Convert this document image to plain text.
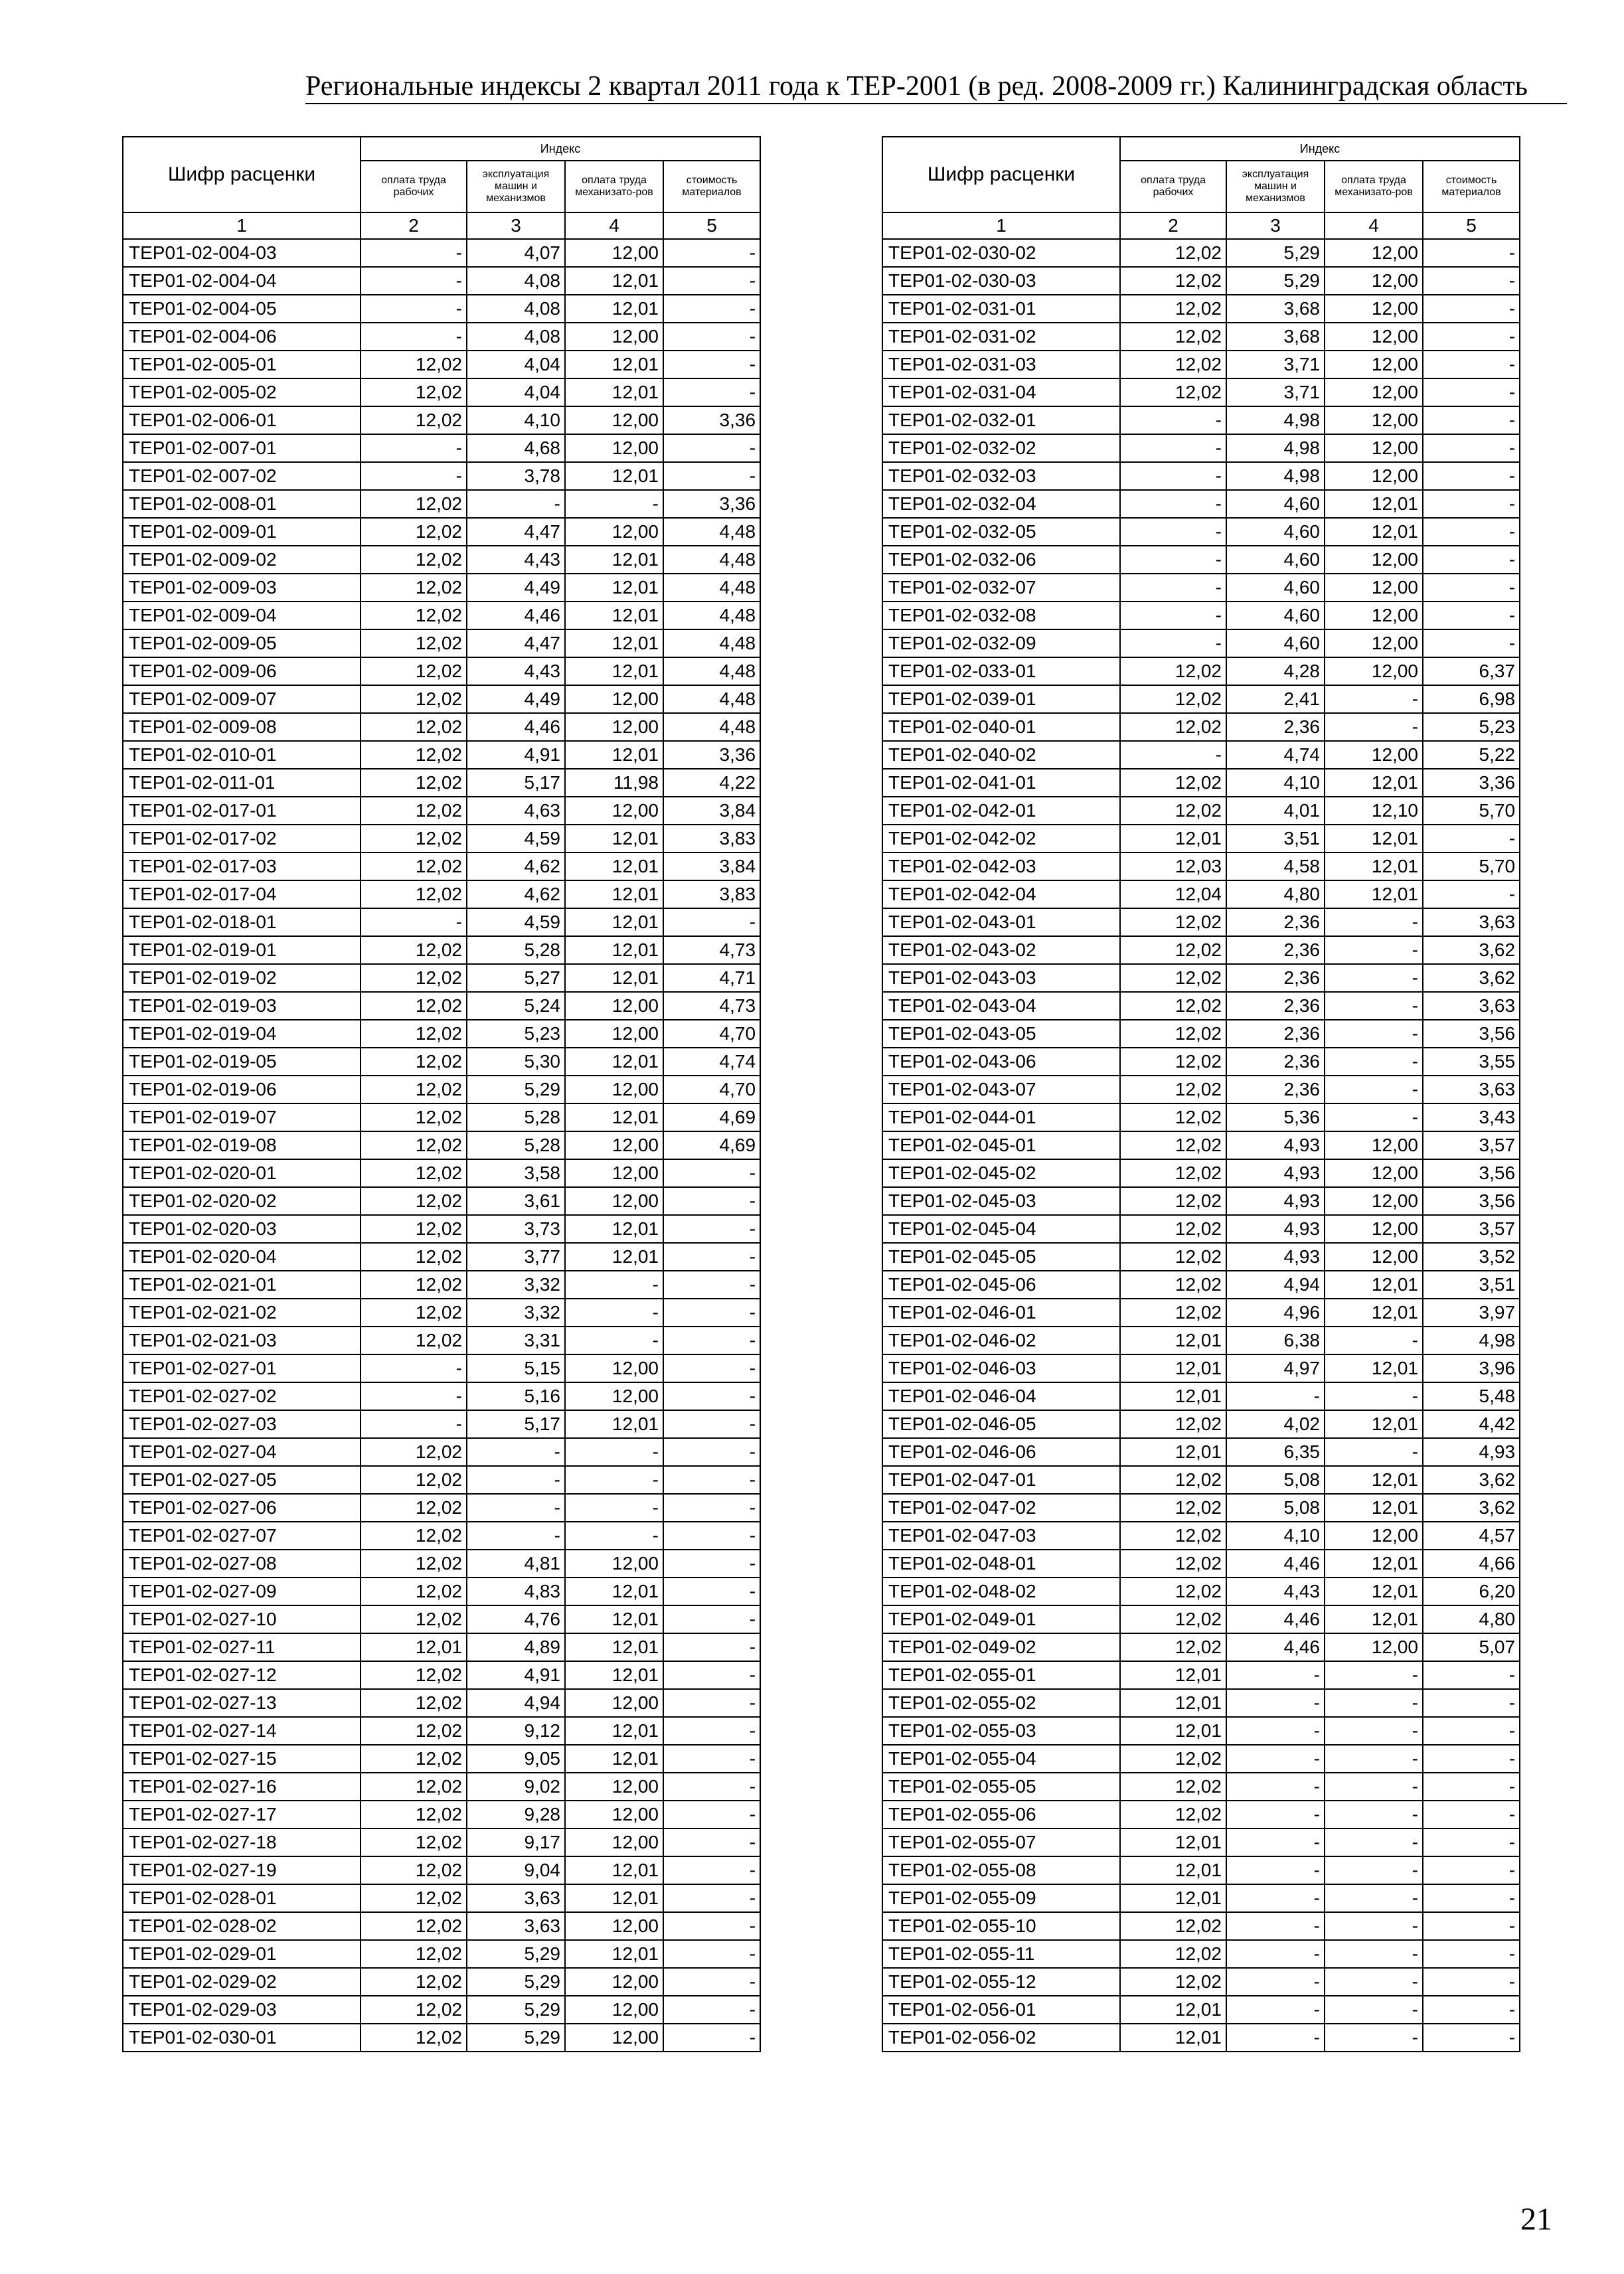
Региональные индексы 2 квартал 2011 года к ТЕР-2001 (в ред. 2008-2009 гг.) Калининградская область
Шифр расценки	Индекс			
	оплата труда рабочих	эксплуатация машин и механизмов	оплата труда механизато-ров	стоимость материалов
1	2	3	4	5
ТЕР01-02-004-03	-	4,07	12,00	-
ТЕР01-02-004-04	-	4,08	12,01	-
ТЕР01-02-004-05	-	4,08	12,01	-
ТЕР01-02-004-06	-	4,08	12,00	-
ТЕР01-02-005-01	12,02	4,04	12,01	-
ТЕР01-02-005-02	12,02	4,04	12,01	-
ТЕР01-02-006-01	12,02	4,10	12,00	3,36
ТЕР01-02-007-01	-	4,68	12,00	-
ТЕР01-02-007-02	-	3,78	12,01	-
ТЕР01-02-008-01	12,02	-	-	3,36
ТЕР01-02-009-01	12,02	4,47	12,00	4,48
ТЕР01-02-009-02	12,02	4,43	12,01	4,48
ТЕР01-02-009-03	12,02	4,49	12,01	4,48
ТЕР01-02-009-04	12,02	4,46	12,01	4,48
ТЕР01-02-009-05	12,02	4,47	12,01	4,48
ТЕР01-02-009-06	12,02	4,43	12,01	4,48
ТЕР01-02-009-07	12,02	4,49	12,00	4,48
ТЕР01-02-009-08	12,02	4,46	12,00	4,48
ТЕР01-02-010-01	12,02	4,91	12,01	3,36
ТЕР01-02-011-01	12,02	5,17	11,98	4,22
ТЕР01-02-017-01	12,02	4,63	12,00	3,84
ТЕР01-02-017-02	12,02	4,59	12,01	3,83
ТЕР01-02-017-03	12,02	4,62	12,01	3,84
ТЕР01-02-017-04	12,02	4,62	12,01	3,83
ТЕР01-02-018-01	-	4,59	12,01	-
ТЕР01-02-019-01	12,02	5,28	12,01	4,73
ТЕР01-02-019-02	12,02	5,27	12,01	4,71
ТЕР01-02-019-03	12,02	5,24	12,00	4,73
ТЕР01-02-019-04	12,02	5,23	12,00	4,70
ТЕР01-02-019-05	12,02	5,30	12,01	4,74
ТЕР01-02-019-06	12,02	5,29	12,00	4,70
ТЕР01-02-019-07	12,02	5,28	12,01	4,69
ТЕР01-02-019-08	12,02	5,28	12,00	4,69
ТЕР01-02-020-01	12,02	3,58	12,00	-
ТЕР01-02-020-02	12,02	3,61	12,00	-
ТЕР01-02-020-03	12,02	3,73	12,01	-
ТЕР01-02-020-04	12,02	3,77	12,01	-
ТЕР01-02-021-01	12,02	3,32	-	-
ТЕР01-02-021-02	12,02	3,32	-	-
ТЕР01-02-021-03	12,02	3,31	-	-
ТЕР01-02-027-01	-	5,15	12,00	-
ТЕР01-02-027-02	-	5,16	12,00	-
ТЕР01-02-027-03	-	5,17	12,01	-
ТЕР01-02-027-04	12,02	-	-	-
ТЕР01-02-027-05	12,02	-	-	-
ТЕР01-02-027-06	12,02	-	-	-
ТЕР01-02-027-07	12,02	-	-	-
ТЕР01-02-027-08	12,02	4,81	12,00	-
ТЕР01-02-027-09	12,02	4,83	12,01	-
ТЕР01-02-027-10	12,02	4,76	12,01	-
ТЕР01-02-027-11	12,01	4,89	12,01	-
ТЕР01-02-027-12	12,02	4,91	12,01	-
ТЕР01-02-027-13	12,02	4,94	12,00	-
ТЕР01-02-027-14	12,02	9,12	12,01	-
ТЕР01-02-027-15	12,02	9,05	12,01	-
ТЕР01-02-027-16	12,02	9,02	12,00	-
ТЕР01-02-027-17	12,02	9,28	12,00	-
ТЕР01-02-027-18	12,02	9,17	12,00	-
ТЕР01-02-027-19	12,02	9,04	12,01	-
ТЕР01-02-028-01	12,02	3,63	12,01	-
ТЕР01-02-028-02	12,02	3,63	12,00	-
ТЕР01-02-029-01	12,02	5,29	12,01	-
ТЕР01-02-029-02	12,02	5,29	12,00	-
ТЕР01-02-029-03	12,02	5,29	12,00	-
ТЕР01-02-030-01	12,02	5,29	12,00	-
Шифр расценки	Индекс			
	оплата труда рабочих	эксплуатация машин и механизмов	оплата труда механизато-ров	стоимость материалов
1	2	3	4	5
ТЕР01-02-030-02	12,02	5,29	12,00	-
ТЕР01-02-030-03	12,02	5,29	12,00	-
ТЕР01-02-031-01	12,02	3,68	12,00	-
ТЕР01-02-031-02	12,02	3,68	12,00	-
ТЕР01-02-031-03	12,02	3,71	12,00	-
ТЕР01-02-031-04	12,02	3,71	12,00	-
ТЕР01-02-032-01	-	4,98	12,00	-
ТЕР01-02-032-02	-	4,98	12,00	-
ТЕР01-02-032-03	-	4,98	12,00	-
ТЕР01-02-032-04	-	4,60	12,01	-
ТЕР01-02-032-05	-	4,60	12,01	-
ТЕР01-02-032-06	-	4,60	12,00	-
ТЕР01-02-032-07	-	4,60	12,00	-
ТЕР01-02-032-08	-	4,60	12,00	-
ТЕР01-02-032-09	-	4,60	12,00	-
ТЕР01-02-033-01	12,02	4,28	12,00	6,37
ТЕР01-02-039-01	12,02	2,41	-	6,98
ТЕР01-02-040-01	12,02	2,36	-	5,23
ТЕР01-02-040-02	-	4,74	12,00	5,22
ТЕР01-02-041-01	12,02	4,10	12,01	3,36
ТЕР01-02-042-01	12,02	4,01	12,10	5,70
ТЕР01-02-042-02	12,01	3,51	12,01	-
ТЕР01-02-042-03	12,03	4,58	12,01	5,70
ТЕР01-02-042-04	12,04	4,80	12,01	-
ТЕР01-02-043-01	12,02	2,36	-	3,63
ТЕР01-02-043-02	12,02	2,36	-	3,62
ТЕР01-02-043-03	12,02	2,36	-	3,62
ТЕР01-02-043-04	12,02	2,36	-	3,63
ТЕР01-02-043-05	12,02	2,36	-	3,56
ТЕР01-02-043-06	12,02	2,36	-	3,55
ТЕР01-02-043-07	12,02	2,36	-	3,63
ТЕР01-02-044-01	12,02	5,36	-	3,43
ТЕР01-02-045-01	12,02	4,93	12,00	3,57
ТЕР01-02-045-02	12,02	4,93	12,00	3,56
ТЕР01-02-045-03	12,02	4,93	12,00	3,56
ТЕР01-02-045-04	12,02	4,93	12,00	3,57
ТЕР01-02-045-05	12,02	4,93	12,00	3,52
ТЕР01-02-045-06	12,02	4,94	12,01	3,51
ТЕР01-02-046-01	12,02	4,96	12,01	3,97
ТЕР01-02-046-02	12,01	6,38	-	4,98
ТЕР01-02-046-03	12,01	4,97	12,01	3,96
ТЕР01-02-046-04	12,01	-	-	5,48
ТЕР01-02-046-05	12,02	4,02	12,01	4,42
ТЕР01-02-046-06	12,01	6,35	-	4,93
ТЕР01-02-047-01	12,02	5,08	12,01	3,62
ТЕР01-02-047-02	12,02	5,08	12,01	3,62
ТЕР01-02-047-03	12,02	4,10	12,00	4,57
ТЕР01-02-048-01	12,02	4,46	12,01	4,66
ТЕР01-02-048-02	12,02	4,43	12,01	6,20
ТЕР01-02-049-01	12,02	4,46	12,01	4,80
ТЕР01-02-049-02	12,02	4,46	12,00	5,07
ТЕР01-02-055-01	12,01	-	-	-
ТЕР01-02-055-02	12,01	-	-	-
ТЕР01-02-055-03	12,01	-	-	-
ТЕР01-02-055-04	12,02	-	-	-
ТЕР01-02-055-05	12,02	-	-	-
ТЕР01-02-055-06	12,02	-	-	-
ТЕР01-02-055-07	12,01	-	-	-
ТЕР01-02-055-08	12,01	-	-	-
ТЕР01-02-055-09	12,01	-	-	-
ТЕР01-02-055-10	12,02	-	-	-
ТЕР01-02-055-11	12,02	-	-	-
ТЕР01-02-055-12	12,02	-	-	-
ТЕР01-02-056-01	12,01	-	-	-
ТЕР01-02-056-02	12,01	-	-	-
21
